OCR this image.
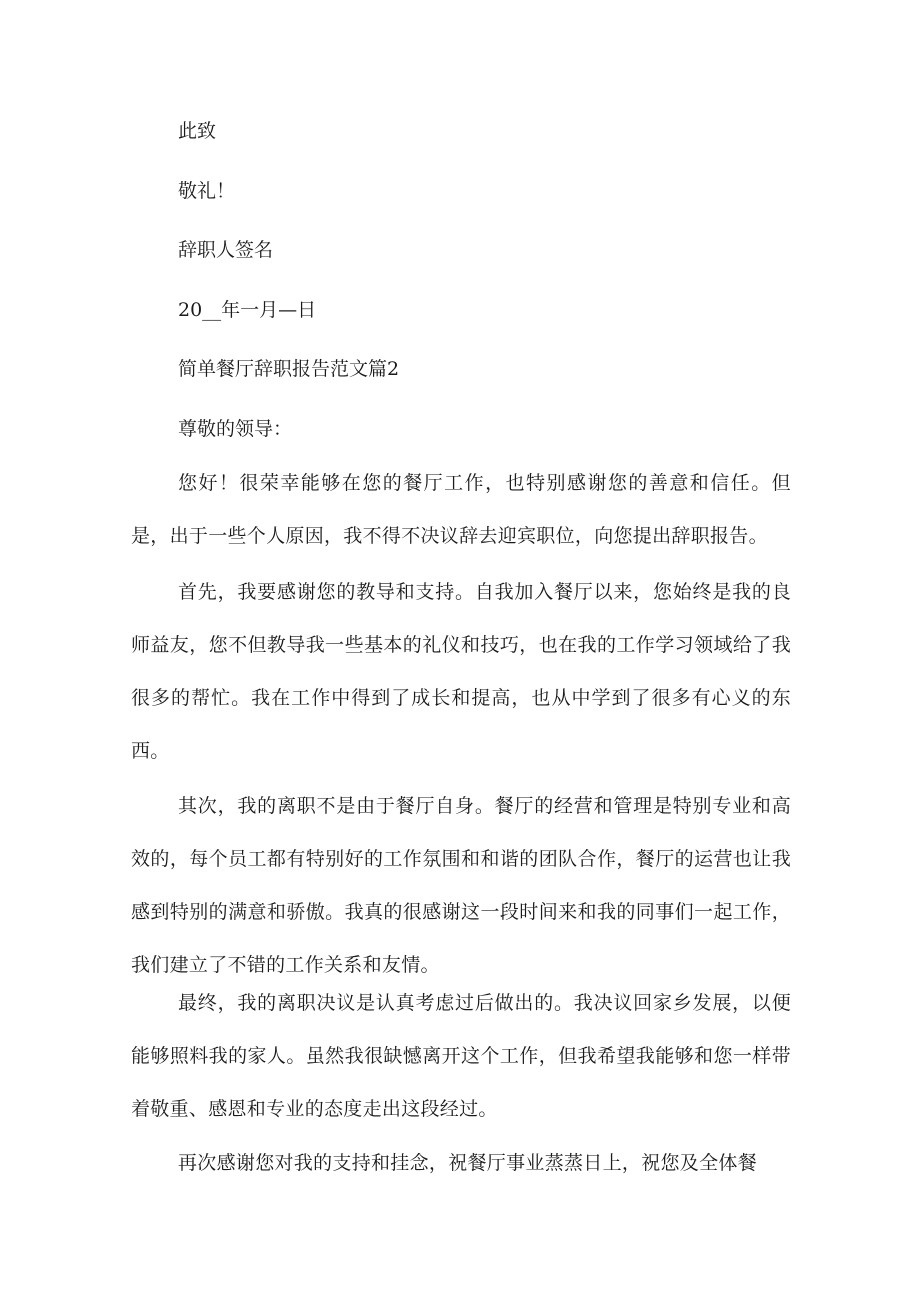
此致
敬礼！
辞职人签名
20__年一月—日
简单餐厅辞职报告范文篇2
尊敬的领导：
您好！很荣幸能够在您的餐厅工作，也特别感谢您的善意和信任。但是，出于一些个人原因，我不得不决议辞去迎宾职位，向您提出辞职报告。
首先，我要感谢您的教导和支持。自我加入餐厅以来，您始终是我的良师益友，您不但教导我一些基本的礼仪和技巧，也在我的工作学习领域给了我很多的帮忙。我在工作中得到了成长和提高，也从中学到了很多有心义的东西。
其次，我的离职不是由于餐厅自身。餐厅的经营和管理是特别专业和高效的，每个员工都有特别好的工作氛围和和谐的团队合作，餐厅的运营也让我感到特别的满意和骄傲。我真的很感谢这一段时间来和我的同事们一起工作，我们建立了不错的工作关系和友情。
最终，我的离职决议是认真考虑过后做出的。我决议回家乡发展，以便能够照料我的家人。虽然我很缺憾离开这个工作，但我希望我能够和您一样带着敬重、感恩和专业的态度走出这段经过。
再次感谢您对我的支持和挂念，祝餐厅事业蒸蒸日上，祝您及全体餐
